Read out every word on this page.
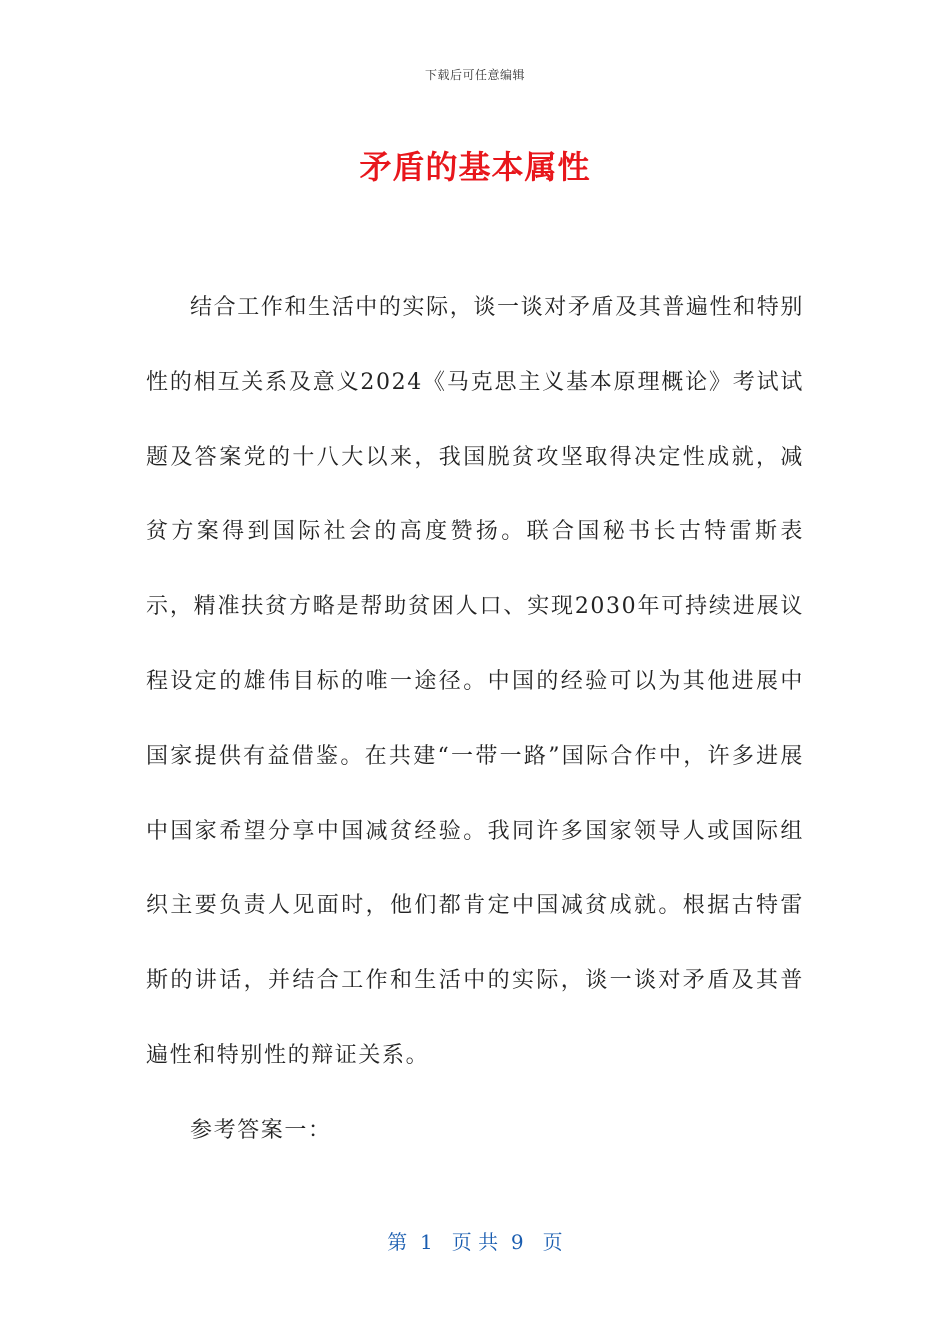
下载后可任意编辑
矛盾的基本属性

结合工作和生活中的实际，谈一谈对矛盾及其普遍性和特别性的相互关系及意义2024《马克思主义基本原理概论》考试试题及答案党的十八大以来，我国脱贫攻坚取得决定性成就，减贫方案得到国际社会的高度赞扬。联合国秘书长古特雷斯表示，精准扶贫方略是帮助贫困人口、实现2030年可持续进展议程设定的雄伟目标的唯一途径。中国的经验可以为其他进展中国家提供有益借鉴。在共建“一带一路”国际合作中，许多进展中国家希望分享中国减贫经验。我同许多国家领导人或国际组织主要负责人见面时，他们都肯定中国减贫成就。根据古特雷斯的讲话，并结合工作和生活中的实际，谈一谈对矛盾及其普遍性和特别性的辩证关系。

参考答案一：

第  1   页 共  9   页
